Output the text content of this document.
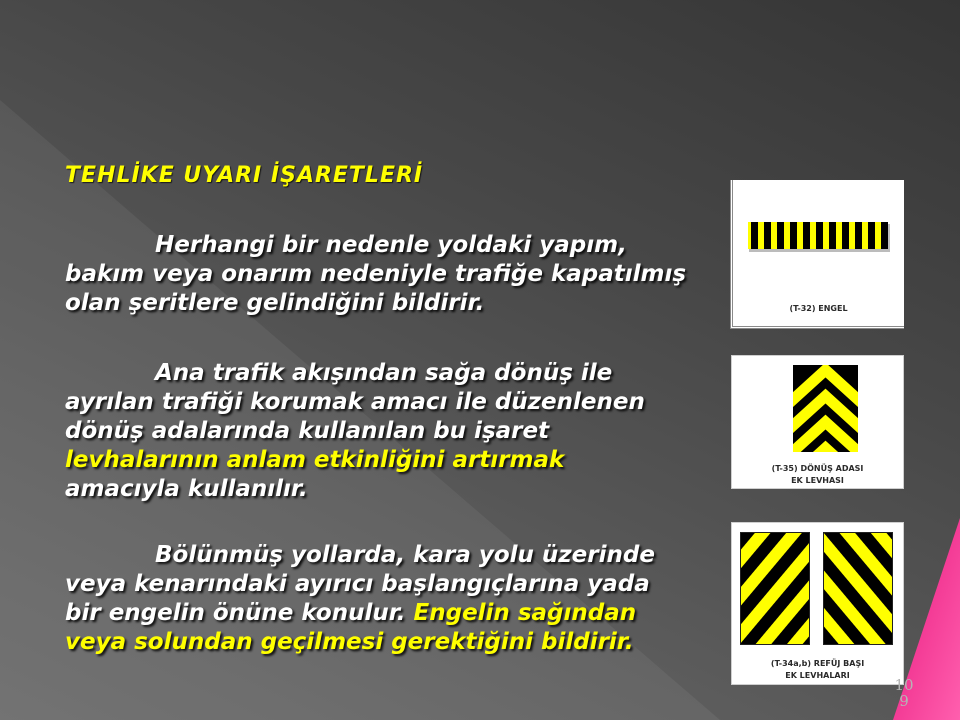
TEHLİKE UYARI İŞARETLERİ
Herhangi bir nedenle yoldaki yapım,
bakım veya onarım nedeniyle trafiğe kapatılmış
olan şeritlere gelindiğini bildirir.
Ana trafik akışından sağa dönüş ile
ayrılan trafiği korumak amacı ile düzenlenen
dönüş adalarında kullanılan bu işaret
levhalarının anlam etkinliğini artırmak
amacıyla kullanılır.
Bölünmüş yollarda, kara yolu üzerinde
veya kenarındaki ayırıcı başlangıçlarına yada
bir engelin önüne konulur. Engelin sağından
veya solundan geçilmesi gerektiğini bildirir.
(T-32) ENGEL
(T-35) DÖNÜŞ ADASI
EK LEVHASI
(T-34a,b) REFÜJ BAŞI
EK LEVHALARI
109
